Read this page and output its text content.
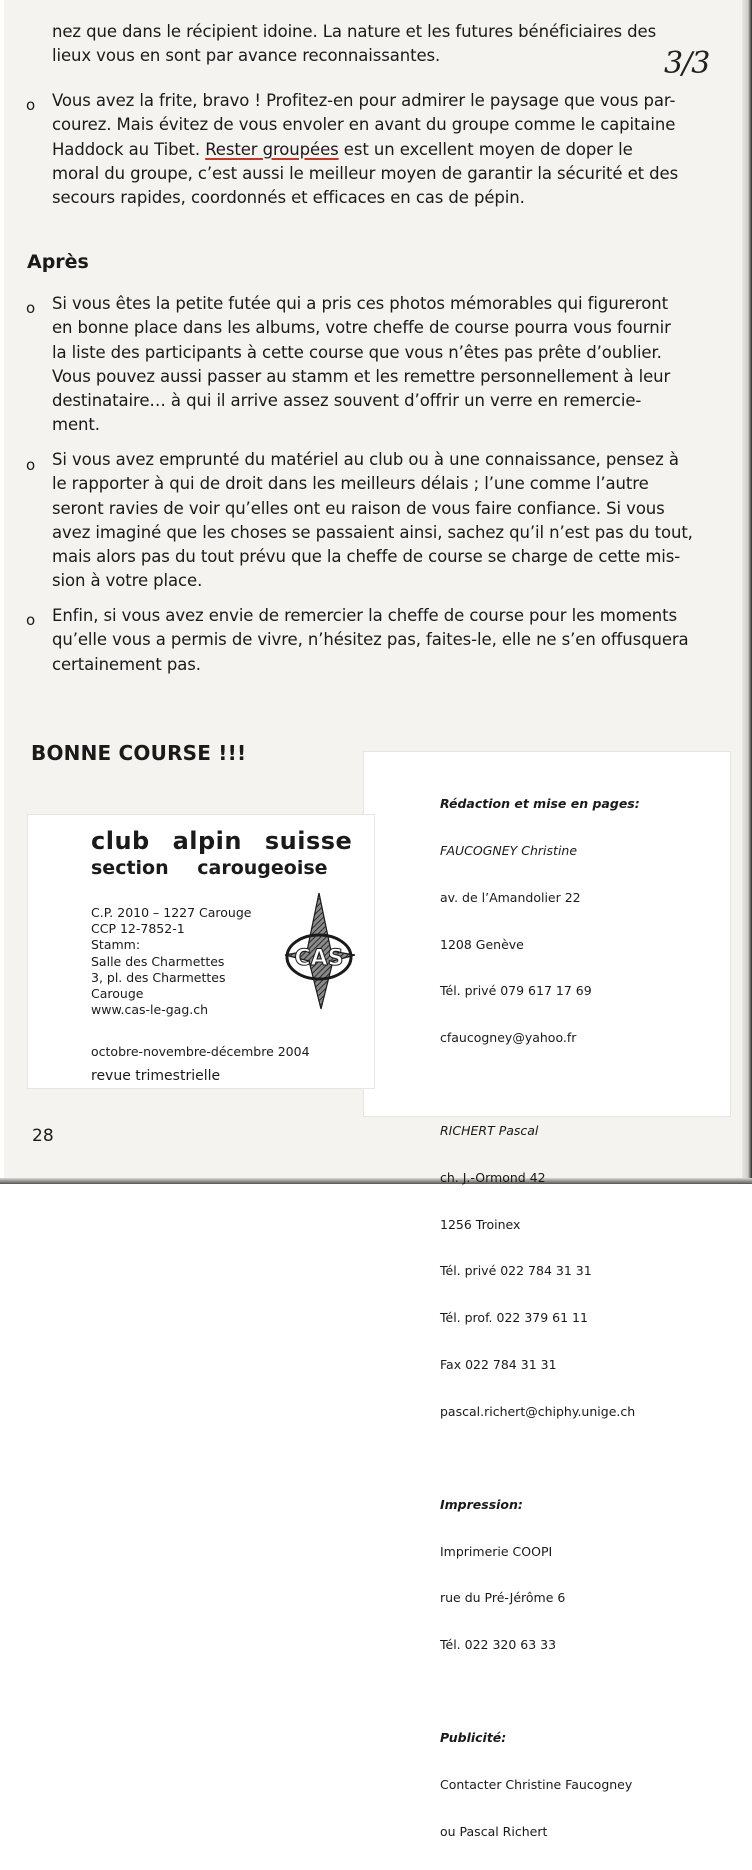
3/3
nez que dans le récipient idoine. La nature et les futures bénéficiaires des
lieux vous en sont par avance reconnaissantes.
o Vous avez la frite, bravo ! Profitez-en pour admirer le paysage que vous par-
courez. Mais évitez de vous envoler en avant du groupe comme le capitaine
Haddock au Tibet. Rester groupées est un excellent moyen de doper le
moral du groupe, c’est aussi le meilleur moyen de garantir la sécurité et des
secours rapides, coordonnés et efficaces en cas de pépin.
Après
o Si vous êtes la petite futée qui a pris ces photos mémorables qui figureront
en bonne place dans les albums, votre cheffe de course pourra vous fournir
la liste des participants à cette course que vous n’êtes pas prête d’oublier.
Vous pouvez aussi passer au stamm et les remettre personnellement à leur
destinataire… à qui il arrive assez souvent d’offrir un verre en remercie-
ment.
o Si vous avez emprunté du matériel au club ou à une connaissance, pensez à
le rapporter à qui de droit dans les meilleurs délais ; l’une comme l’autre
seront ravies de voir qu’elles ont eu raison de vous faire confiance. Si vous
avez imaginé que les choses se passaient ainsi, sachez qu’il n’est pas du tout,
mais alors pas du tout prévu que la cheffe de course se charge de cette mis-
sion à votre place.
o Enfin, si vous avez envie de remercier la cheffe de course pour les moments
qu’elle vous a permis de vivre, n’hésitez pas, faites-le, elle ne s’en offusquera
certainement pas.
BONNE COURSE !!!

Rédaction et mise en pages:

FAUCOGNEY Christine

av. de l’Amandolier 22

1208 Genève

Tél. privé 079 617 17 69

cfaucogney@yahoo.fr

RICHERT Pascal

ch. J.-Ormond 42

1256 Troinex

Tél. privé 022 784 31 31

Tél. prof. 022 379 61 11

Fax 022 784 31 31

pascal.richert@chiphy.unige.ch

Impression:

Imprimerie COOPI

rue du Pré-Jérôme 6

Tél. 022 320 63 33

Publicité:

Contacter Christine Faucogney

ou Pascal Richert

club alpin suisse
section carougeoise
C.P. 2010 – 1227 Carouge
CCP 12-7852-1
Stamm:
Salle des Charmettes
3, pl. des Charmettes
Carouge
www.cas-le-gag.ch
CAS
octobre-novembre-décembre 2004
revue trimestrielle
28
